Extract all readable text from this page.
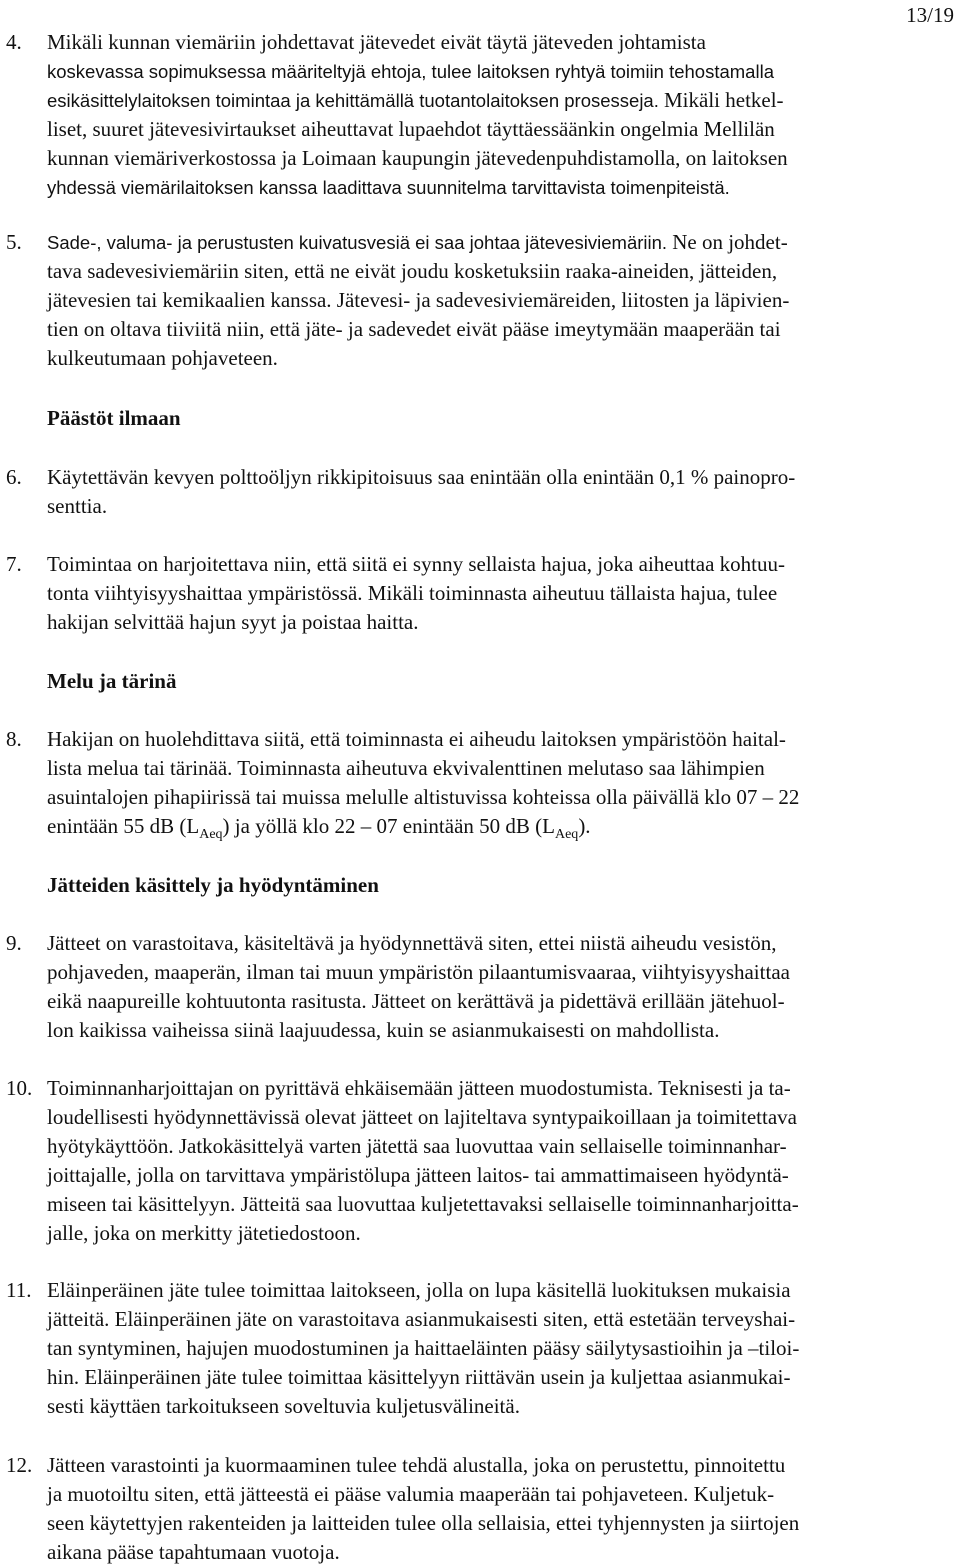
13/19
4. Mikäli kunnan viemäriin johdettavat jätevedet eivät täytä jäteveden johtamista
koskevassa sopimuksessa määriteltyjä ehtoja, tulee laitoksen ryhtyä toimiin tehostamalla
esikäsittelylaitoksen toimintaa ja kehittämällä tuotantolaitoksen prosesseja. Mikäli hetkel-
liset, suuret jätevesivirtaukset aiheuttavat lupaehdot täyttäessäänkin ongelmia Mellilän
kunnan viemäriverkostossa ja Loimaan kaupungin jätevedenpuhdistamolla, on laitoksen
yhdessä viemärilaitoksen kanssa laadittava suunnitelma tarvittavista toimenpiteistä.
5. Sade-, valuma- ja perustusten kuivatusvesiä ei saa johtaa jätevesiviemäriin. Ne on johdet-
tava sadevesiviemäriin siten, että ne eivät joudu kosketuksiin raaka-aineiden, jätteiden,
jätevesien tai kemikaalien kanssa. Jätevesi- ja sadevesiviemäreiden, liitosten ja läpivien-
tien on oltava tiiviitä niin, että jäte- ja sadevedet eivät pääse imeytymään maaperään tai
kulkeutumaan pohjaveteen.
Päästöt ilmaan
6. Käytettävän kevyen polttoöljyn rikkipitoisuus saa enintään olla enintään 0,1 % painopro-
senttia.
7. Toimintaa on harjoitettava niin, että siitä ei synny sellaista hajua, joka aiheuttaa kohtuu-
tonta viihtyisyyshaittaa ympäristössä. Mikäli toiminnasta aiheutuu tällaista hajua, tulee
hakijan selvittää hajun syyt ja poistaa haitta.
Melu ja tärinä
8. Hakijan on huolehdittava siitä, että toiminnasta ei aiheudu laitoksen ympäristöön haital-
lista melua tai tärinää. Toiminnasta aiheutuva ekvivalenttinen melutaso saa lähimpien
asuintalojen pihapiirissä tai muissa melulle altistuvissa kohteissa olla päivällä klo 07 – 22
enintään 55 dB $(L_{Aeq})$ ja yöllä klo 22 – 07 enintään 50 dB $(L_{Aeq})$.
Jätteiden käsittely ja hyödyntäminen
9. Jätteet on varastoitava, käsiteltävä ja hyödynnettävä siten, ettei niistä aiheudu vesistön,
pohjaveden, maaperän, ilman tai muun ympäristön pilaantumisvaaraa, viihtyisyyshaittaa
eikä naapureille kohtuutonta rasitusta. Jätteet on kerättävä ja pidettävä erillään jätehuol-
lon kaikissa vaiheissa siinä laajuudessa, kuin se asianmukaisesti on mahdollista.
10. Toiminnanharjoittajan on pyrittävä ehkäisemään jätteen muodostumista. Teknisesti ja ta-
loudellisesti hyödynnettävissä olevat jätteet on lajiteltava syntypaikoillaan ja toimitettava
hyötykäyttöön. Jatkokäsittelyä varten jätettä saa luovuttaa vain sellaiselle toiminnanhar-
joittajalle, jolla on tarvittava ympäristölupa jätteen laitos- tai ammattimaiseen hyödyntä-
miseen tai käsittelyyn. Jätteitä saa luovuttaa kuljetettavaksi sellaiselle toiminnanharjoitta-
jalle, joka on merkitty jätetiedostoon.
11. Eläinperäinen jäte tulee toimittaa laitokseen, jolla on lupa käsitellä luokituksen mukaisia
jätteitä. Eläinperäinen jäte on varastoitava asianmukaisesti siten, että estetään terveyshai-
tan syntyminen, hajujen muodostuminen ja haittaeläinten pääsy säilytysastioihin ja –tiloi-
hin. Eläinperäinen jäte tulee toimittaa käsittelyyn riittävän usein ja kuljettaa asianmukai-
sesti käyttäen tarkoitukseen soveltuvia kuljetusvälineitä.
12. Jätteen varastointi ja kuormaaminen tulee tehdä alustalla, joka on perustettu, pinnoitettu
ja muotoiltu siten, että jätteestä ei pääse valumia maaperään tai pohjaveteen. Kuljetuk-
seen käytettyjen rakenteiden ja laitteiden tulee olla sellaisia, ettei tyhjennysten ja siirtojen
aikana pääse tapahtumaan vuotoja.
